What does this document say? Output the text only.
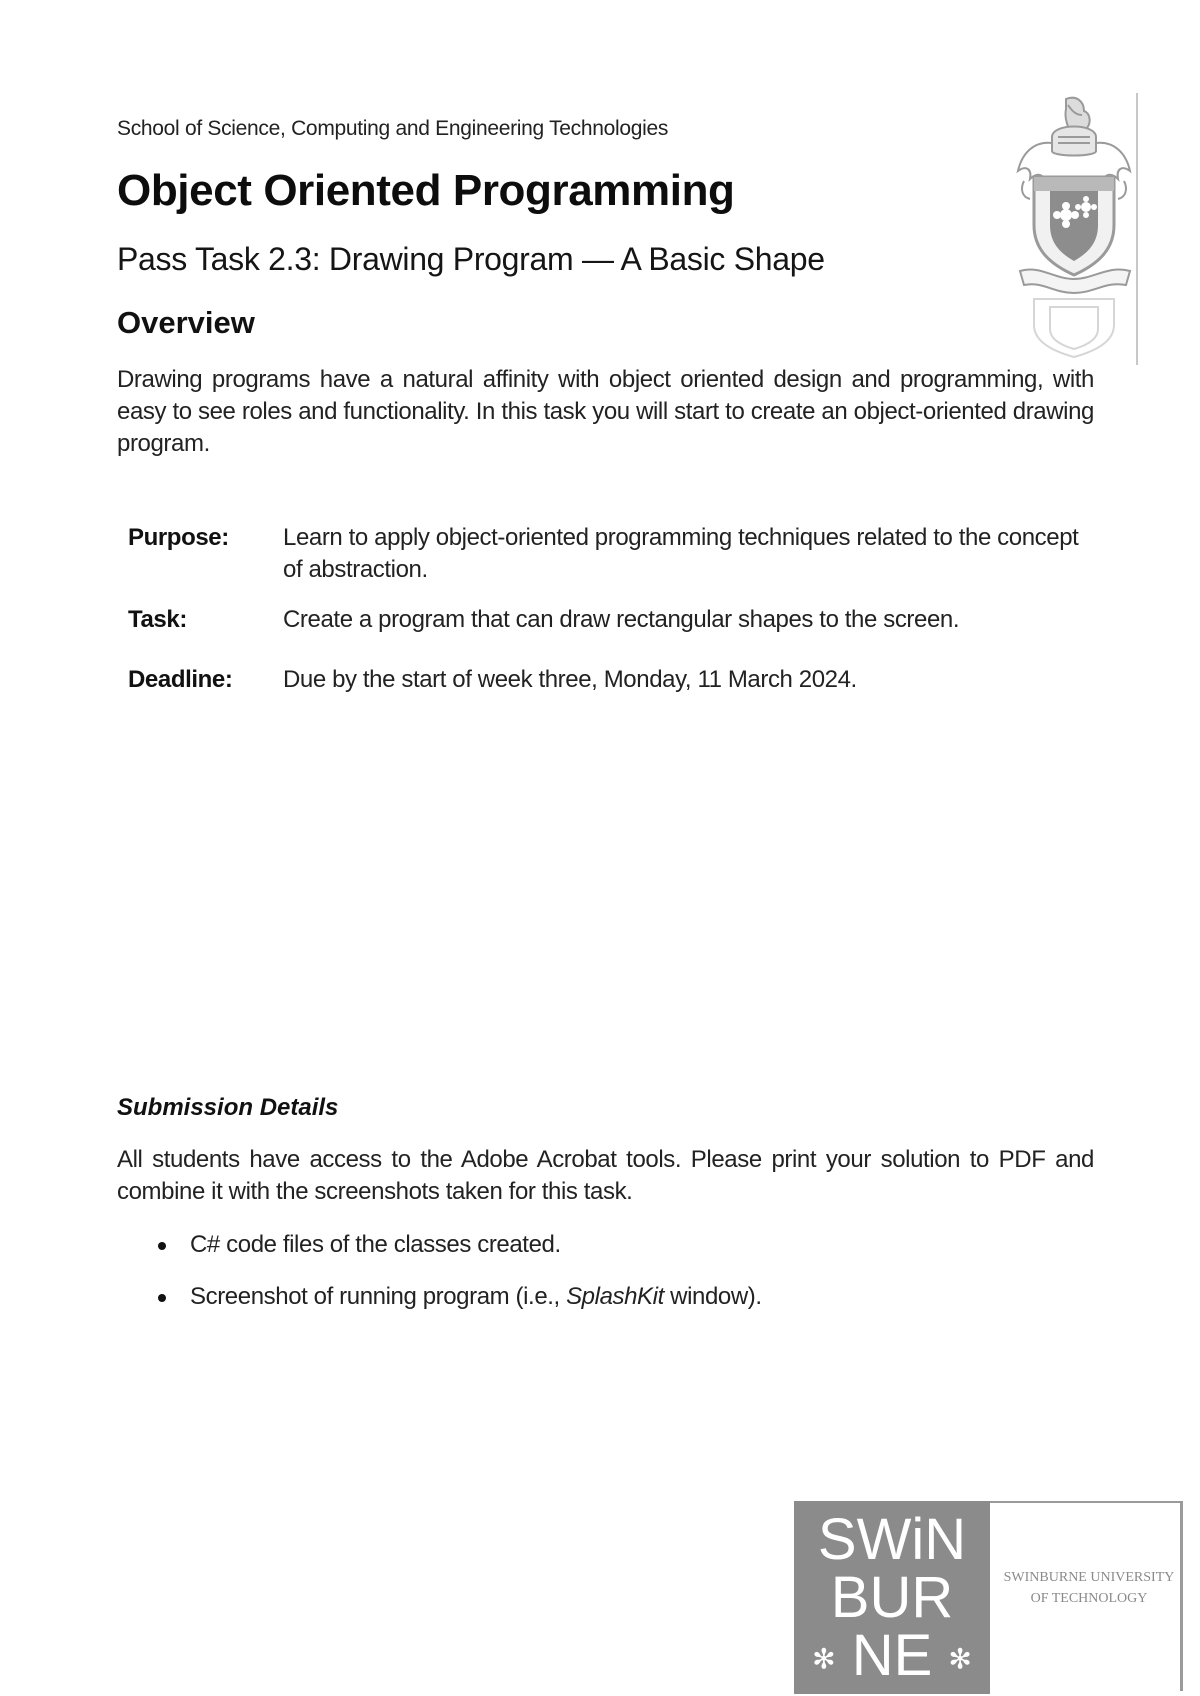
School of Science, Computing and Engineering Technologies
Object Oriented Programming
Pass Task 2.3: Drawing Program — A Basic Shape
Overview

Drawing programs have a natural affinity with object oriented design and programming, with easy to see roles and functionality. In this task you will start to create an object-oriented drawing program.

Purpose:	Learn to apply object-oriented programming techniques related to the concept of abstraction.
Task:	Create a program that can draw rectangular shapes to the screen.
Deadline:	Due by the start of week three, Monday, 11 March 2024.
Submission Details

All students have access to the Adobe Acrobat tools. Please print your solution to PDF and combine it with the screenshots taken for this task.

C# code files of the classes created.
Screenshot of running program (i.e., SplashKit window).
SWiN
BUR
✻ NE ✻
SWINBURNE UNIVERSITY
OF TECHNOLOGY
